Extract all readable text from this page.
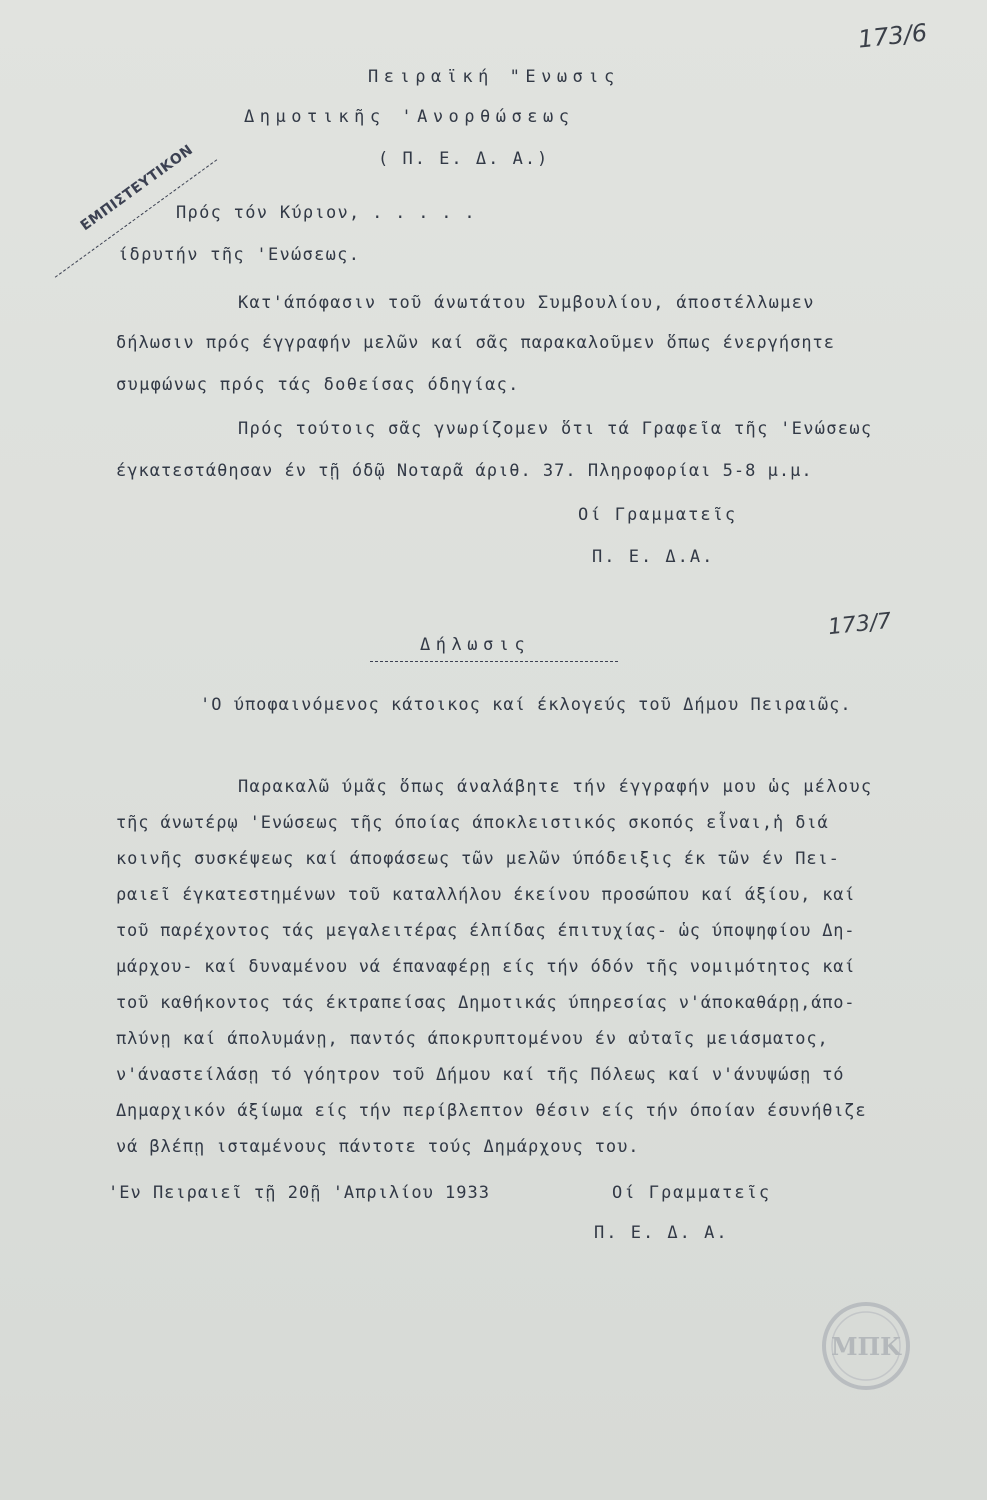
173/6
173/7
ΕΜΠΙΣΤΕΥΤΙΚΟΝ

Πειραϊκή "Ενωσις

Δημοτικῆς 'Ανορθώσεως

( Π. Ε. Δ. Α.)

Πρός τόν Κύριον, . . . . .

ίδρυτήν τῆς 'Ενώσεως.

Κατ'άπόφασιν τοῦ άνωτάτου Συμβουλίου, άποστέλλωμεν

δήλωσιν πρός έγγραφήν μελῶν καί σᾶς παρακαλοῦμεν ὅπως ένεργήσητε

συμφώνως πρός τάς δοθείσας όδηγίας.

Πρός τούτοις σᾶς γνωρίζομεν ὅτι τά Γραφεῖα τῆς 'Ενώσεως

έγκατεστάθησαν έν τῇ όδῷ Νοταρᾶ άριθ. 37. Πληροφορίαι 5-8 μ.μ.

Οί Γραμματεῖς

Π. Ε. Δ.Α.

Δήλωσις

'Ο ύποφαινόμενος κάτοικος καί έκλογεύς τοῦ Δήμου Πειραιῶς.

Παρακαλῶ ύμᾶς ὅπως άναλάβητε τήν έγγραφήν μου ὡς μέλους

τῆς άνωτέρῳ 'Ενώσεως τῆς όποίας άποκλειστικός σκοπός εἶναι,ἡ διά

κοινῆς συσκέψεως καί άποφάσεως τῶν μελῶν ύπόδειξις έκ τῶν έν Πει-

ραιεῖ έγκατεστημένων τοῦ καταλλήλου έκείνου προσώπου καί άξίου, καί

τοῦ παρέχοντος τάς μεγαλειτέρας έλπίδας έπιτυχίας- ὡς ύποψηφίου Δη-

μάρχου- καί δυναμένου νά έπαναφέρῃ είς τήν όδόν τῆς νομιμότητος καί

τοῦ καθήκοντος τάς έκτραπείσας Δημοτικάς ύπηρεσίας ν'άποκαθάρῃ,άπο-

πλύνῃ καί άπολυμάνῃ, παντός άποκρυπτομένου έν αὐταῖς μειάσματος,

ν'άναστείλάσῃ τό γόητρον τοῦ Δήμου καί τῆς Πόλεως καί ν'άνυψώσῃ τό

Δημαρχικόν άξίωμα είς τήν περίβλεπτον θέσιν είς τήν όποίαν έσυνήθιζε

νά βλέπῃ ισταμένους πάντοτε τούς Δημάρχους του.

'Εν Πειραιεῖ τῇ 20ῇ 'Απριλίου 1933	Οί Γραμματεῖς

Π. Ε. Δ. Α.

ΜΠΚ
